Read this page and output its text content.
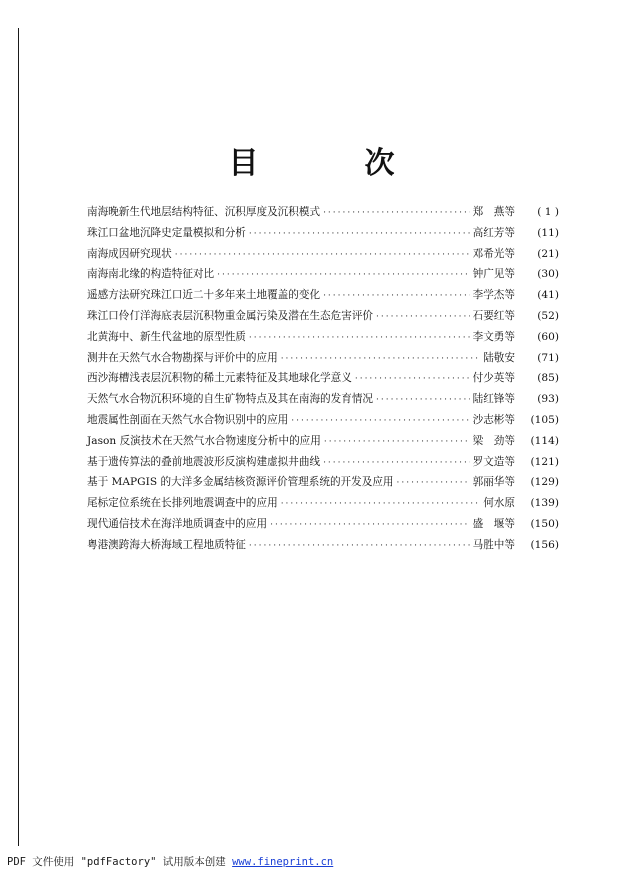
目　次
南海晚新生代地层结构特征、沉积厚度及沉积模式 ·····	郑　燕等	( 1 )
珠江口盆地沉降史定量模拟和分析 ·····	高红芳等	(11)
南海成因研究现状 ·····	邓希光等	(21)
南海南北缘的构造特征对比 ·····	钟广见等	(30)
遥感方法研究珠江口近二十多年来土地覆盖的变化 ·····	李学杰等	(41)
珠江口伶仃洋海底表层沉积物重金属污染及潜在生态危害评价 ·····	石要红等	(52)
北黄海中、新生代盆地的原型性质 ·····	李文勇等	(60)
测井在天然气水合物勘探与评价中的应用 ·····	陆敬安	(71)
西沙海槽浅表层沉积物的稀土元素特征及其地球化学意义 ·····	付少英等	(85)
天然气水合物沉积环境的自生矿物特点及其在南海的发育情况 ·····	陆红锋等	(93)
地震属性剖面在天然气水合物识别中的应用 ·····	沙志彬等	(105)
Jason 反演技术在天然气水合物速度分析中的应用 ·····	梁　劲等	(114)
基于遗传算法的叠前地震波形反演构建虚拟井曲线 ·····	罗文造等	(121)
基于 MAPGIS 的大洋多金属结核资源评价管理系统的开发及应用 ·····	郭丽华等	(129)
尾标定位系统在长排列地震调查中的应用 ·····	何水原	(139)
现代通信技术在海洋地质调查中的应用 ·····	盛　堰等	(150)
粤港澳跨海大桥海域工程地质特征 ·····	马胜中等	(156)
PDF 文件使用 "pdfFactory" 试用版本创建 www.fineprint.cn
